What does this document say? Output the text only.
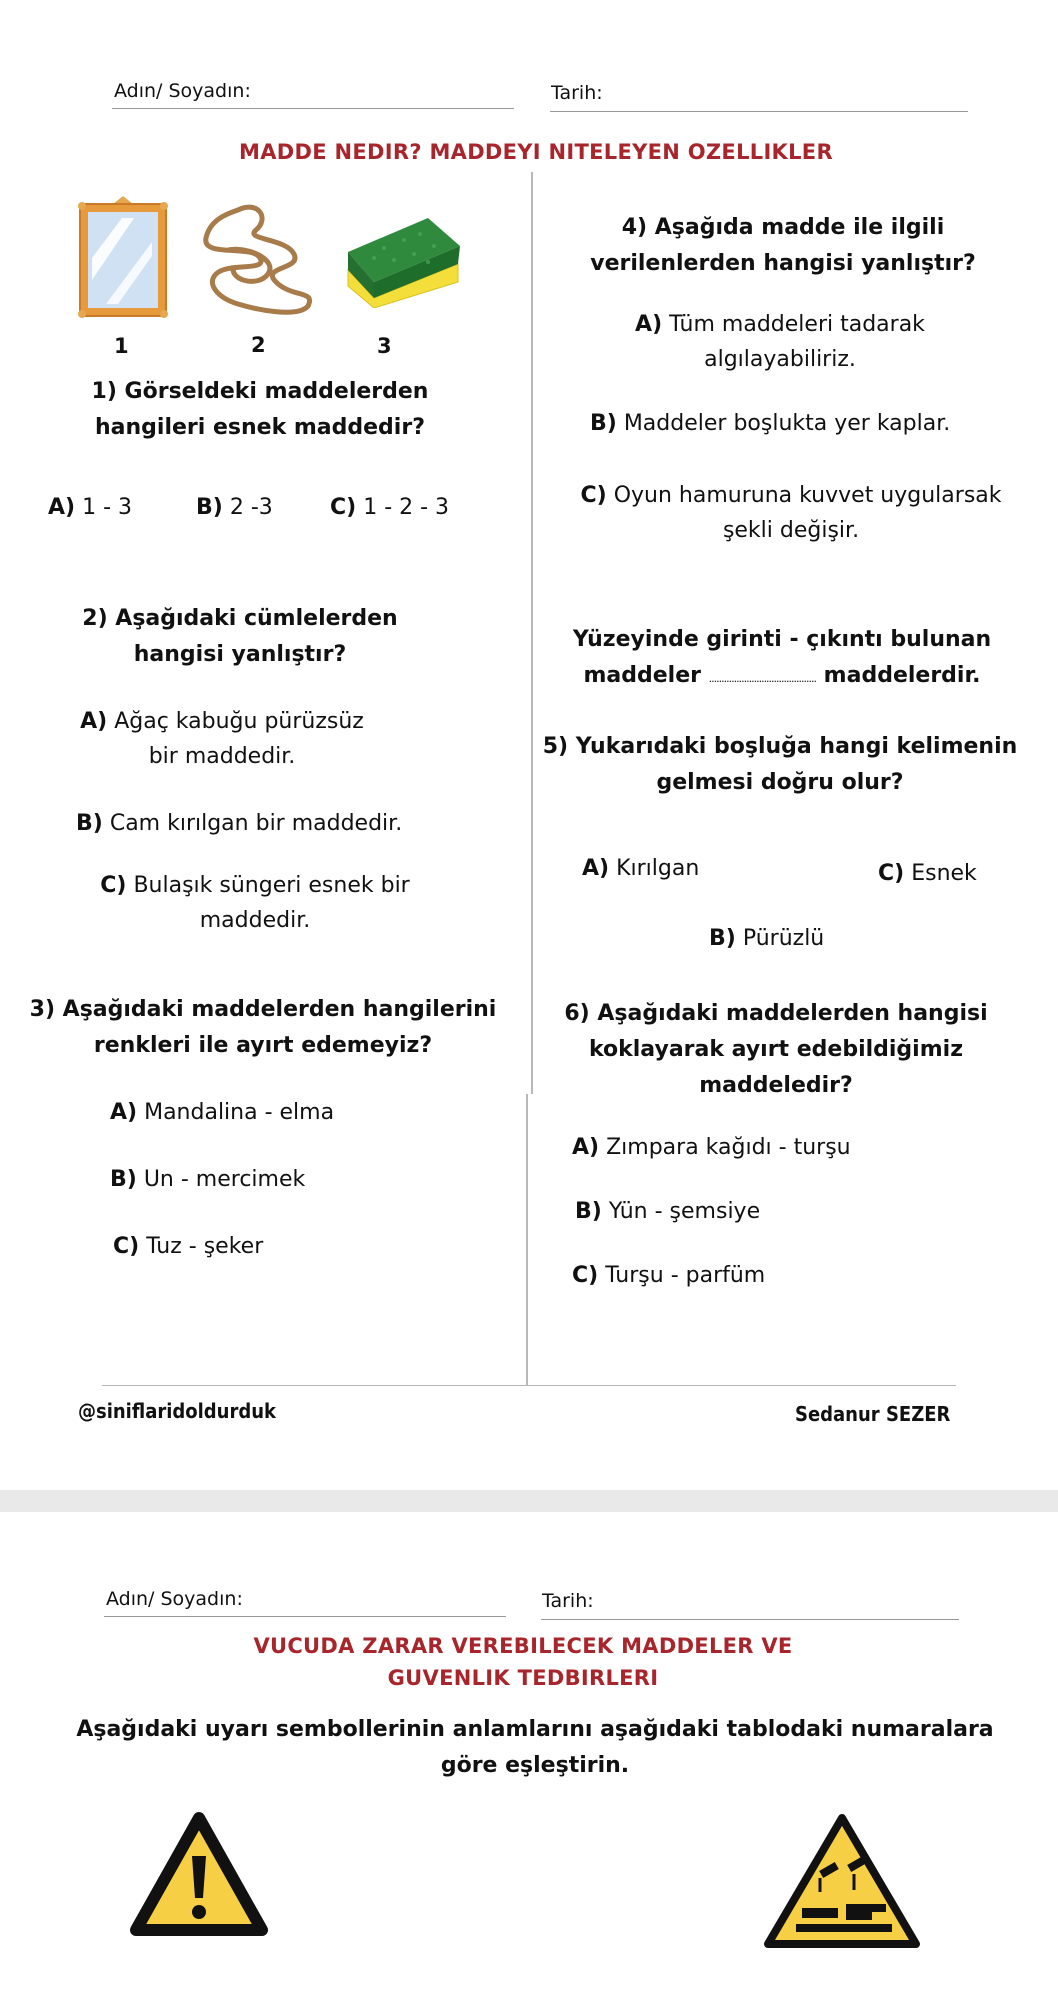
Adın/ Soyadın:	Tarih:
MADDE NEDIR? MADDEYI NITELEYEN OZELLIKLER
1	2	3
1) Görseldeki maddelerden hangileri esnek maddedir?
A) 1 - 3	B) 2 -3	C) 1 - 2 - 3
2) Aşağıdaki cümlelerden hangisi yanlıştır?
A) Ağaç kabuğu pürüzsüz bir maddedir.
B) Cam kırılgan bir maddedir.
C) Bulaşık süngeri esnek bir maddedir.
3) Aşağıdaki maddelerden hangilerini renkleri ile ayırt edemeyiz?
A) Mandalina - elma
B) Un - mercimek
C) Tuz - şeker
4) Aşağıda madde ile ilgili verilenlerden hangisi yanlıştır?
A) Tüm maddeleri tadarak algılayabiliriz.
B) Maddeler boşlukta yer kaplar.
C) Oyun hamuruna kuvvet uygularsak şekli değişir.
Yüzeyinde girinti - çıkıntı bulunan
maddeler ........................................... maddelerdir.
5) Yukarıdaki boşluğa hangi kelimenin gelmesi doğru olur?
A) Kırılgan
B) Pürüzlü
C) Esnek
6) Aşağıdaki maddelerden hangisi koklayarak ayırt edebildiğimiz maddeledir?
A) Zımpara kağıdı - turşu
B) Yün - şemsiye
C) Turşu - parfüm
@siniflaridoldurduk	Sedanur SEZER
Adın/ Soyadın:	Tarih:
VUCUDA ZARAR VEREBILECEK MADDELER VE
GUVENLIK TEDBIRLERI
Aşağıdaki uyarı sembollerinin anlamlarını aşağıdaki tablodaki numaralara göre eşleştirin.
